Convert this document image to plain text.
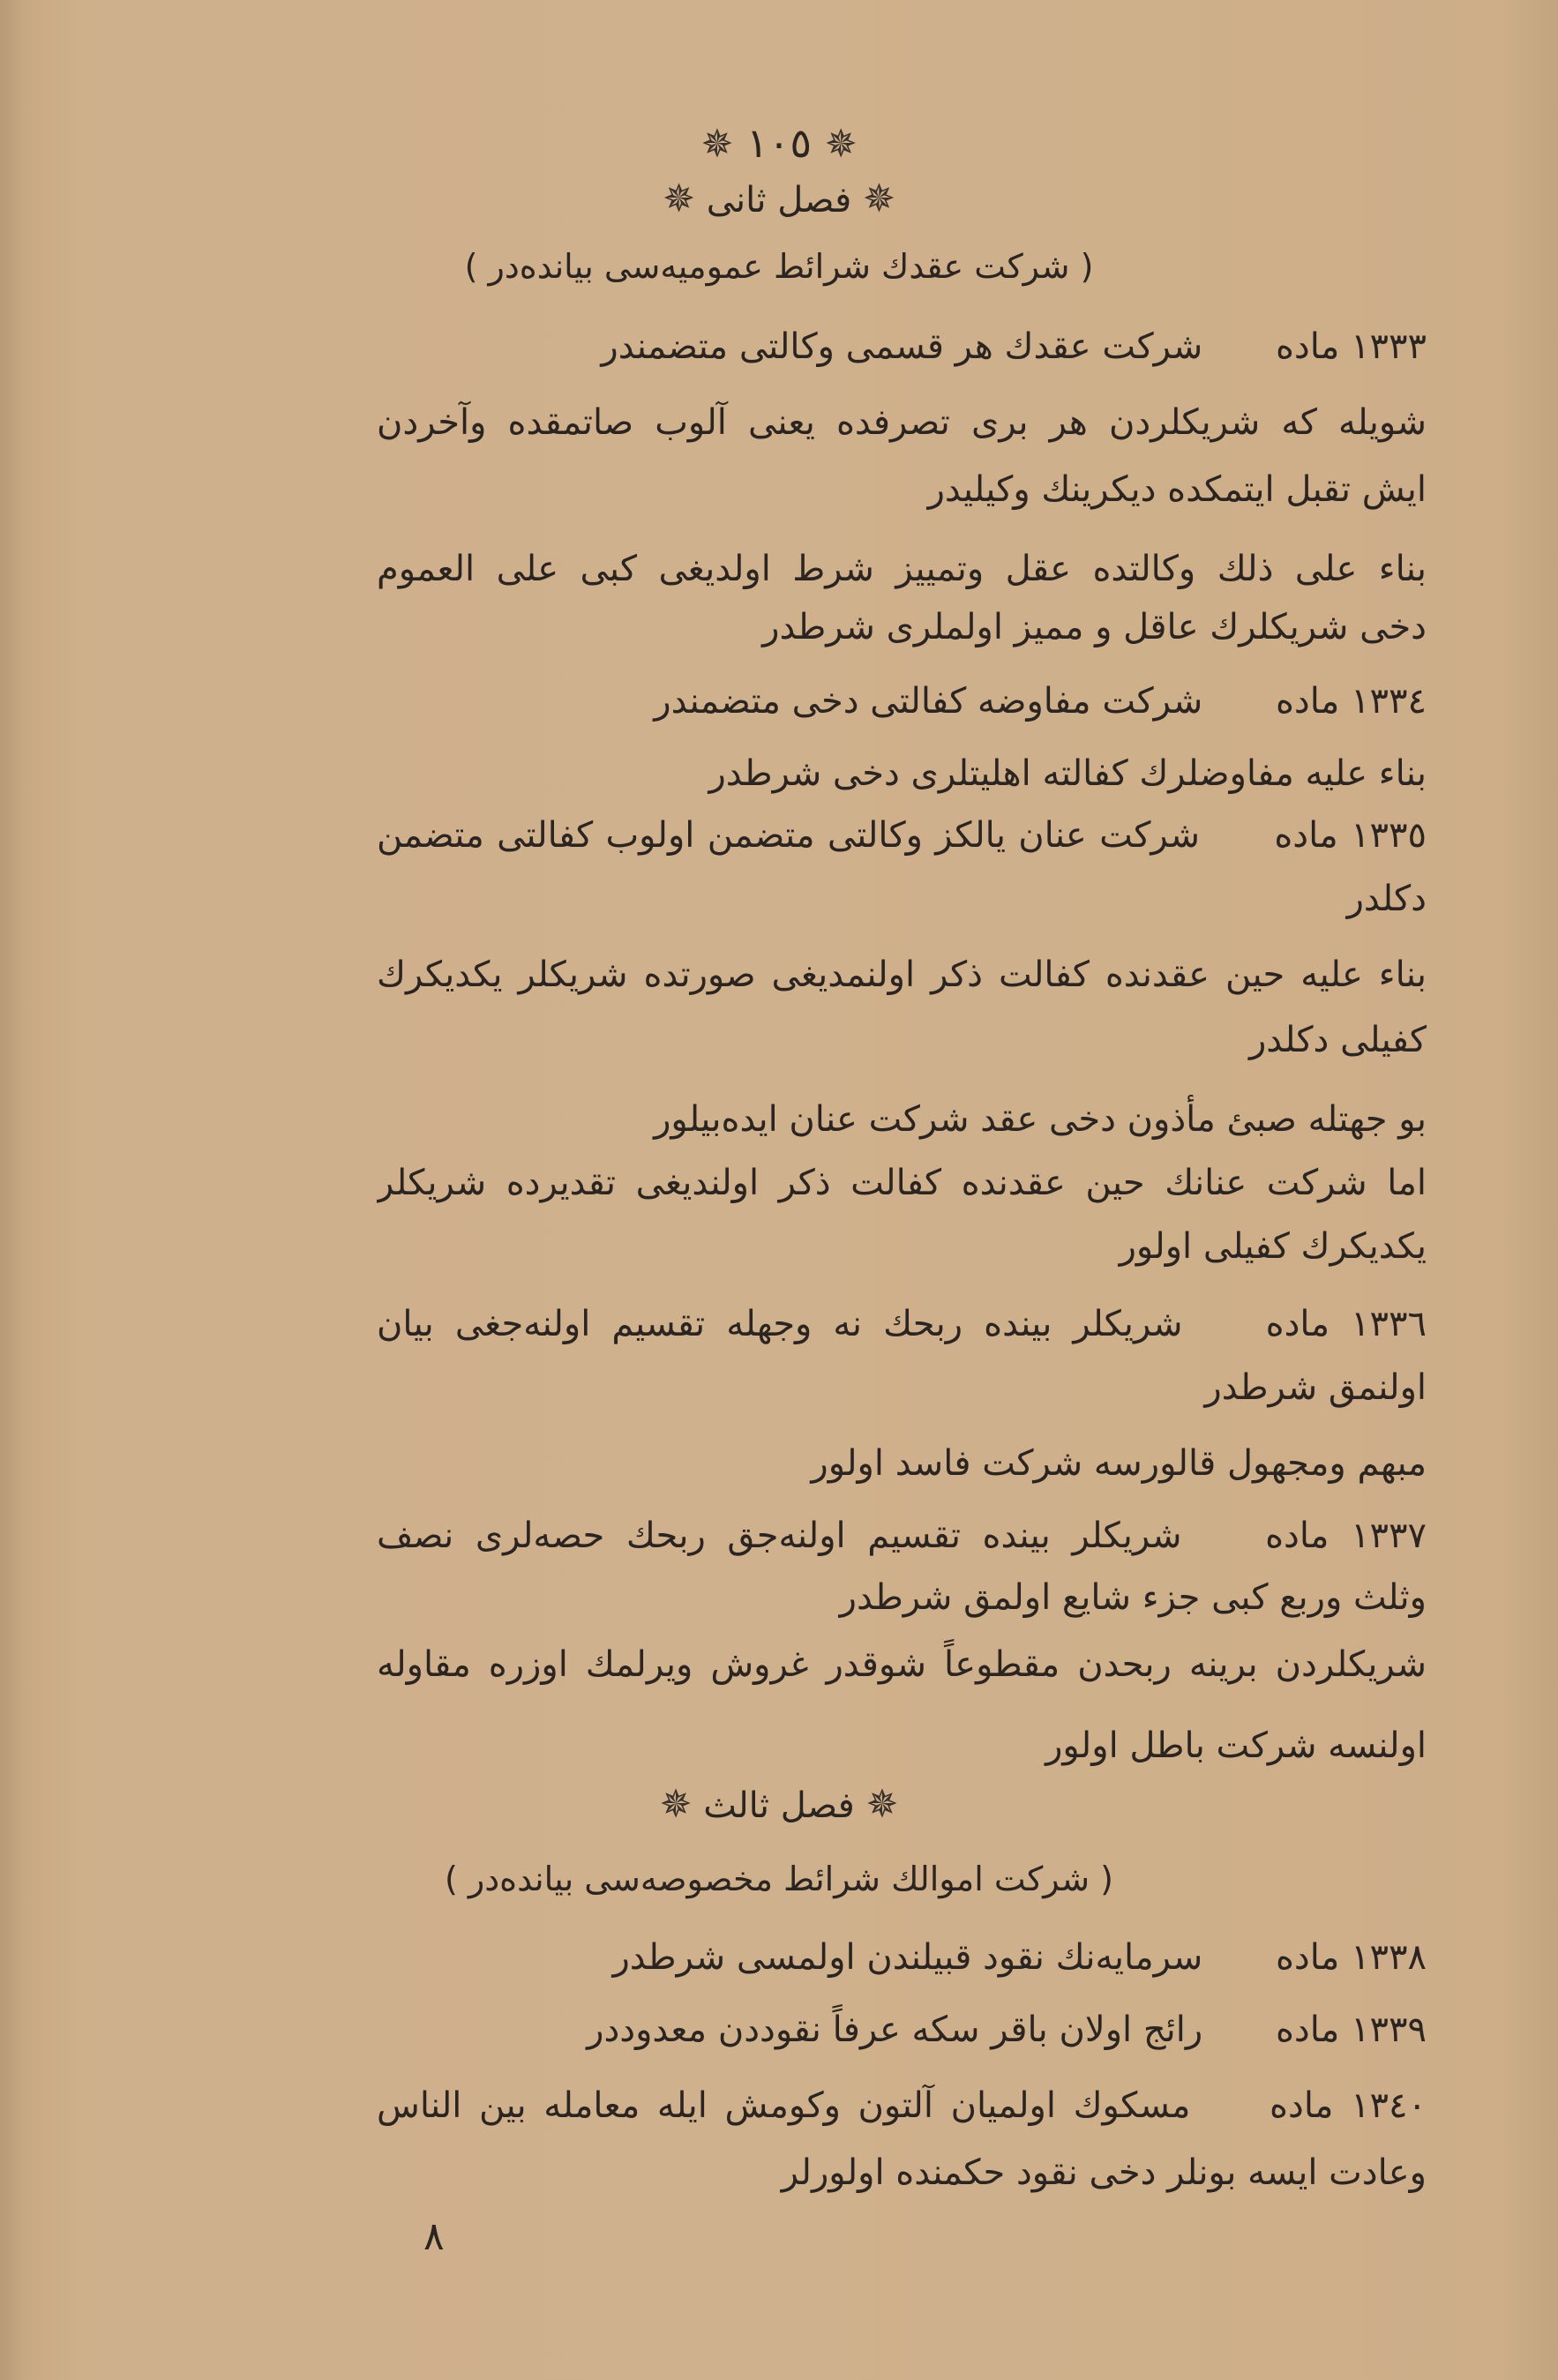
✵ ١٠٥ ✵
✵ فصل ثانى ✵
( شركت عقدك شرائط عموميه‌سى بيانده‌در )
١٣٣٣ ماده شركت عقدك هر قسمى وكالتى متضمندر
شويله كه شريكلردن هر برى تصرفده يعنى آلوب صاتمقده وآخردن
ايش تقبل ايتمكده ديكرينك وكيليدر
بناء على ذلك وكالتده عقل وتمييز شرط اولديغى كبى على العموم
دخى شريكلرك عاقل و مميز اولملرى شرطدر
١٣٣٤ ماده شركت مفاوضه كفالتى دخى متضمندر
بناء عليه مفاوضلرك كفالته اهليتلرى دخى شرطدر
١٣٣٥ ماده شركت عنان يالكز وكالتى متضمن اولوب كفالتى متضمن
دكلدر
بناء عليه حين عقدنده كفالت ذكر اولنمديغى صورتده شريكلر يكديكرك
كفيلى دكلدر
بو جهتله صبئ مأذون دخى عقد شركت عنان ايده‌بيلور
اما شركت عنانك حين عقدنده كفالت ذكر اولنديغى تقديرده شريكلر
يكديكرك كفيلى اولور
١٣٣٦ ماده شريكلر بينده ربحك نه وجهله تقسيم اولنه‌جغى بيان
اولنمق شرطدر
مبهم ومجهول قالورسه شركت فاسد اولور
١٣٣٧ ماده شريكلر بينده تقسيم اولنه‌جق ربحك حصه‌لرى نصف
وثلث وربع كبى جزء شايع اولمق شرطدر
شريكلردن برينه ربحدن مقطوعاً شوقدر غروش ويرلمك اوزره مقاوله
اولنسه شركت باطل اولور
✵ فصل ثالث ✵
( شركت اموالك شرائط مخصوصه‌سى بيانده‌در )
١٣٣٨ ماده سرمايه‌نك نقود قبيلندن اولمسى شرطدر
١٣٣٩ ماده رائج اولان باقر سكه عرفاً نقوددن معدوددر
١٣٤٠ ماده مسكوك اولميان آلتون وكومش ايله معامله بين الناس
وعادت ايسه بونلر دخى نقود حكمنده اولورلر
٨
